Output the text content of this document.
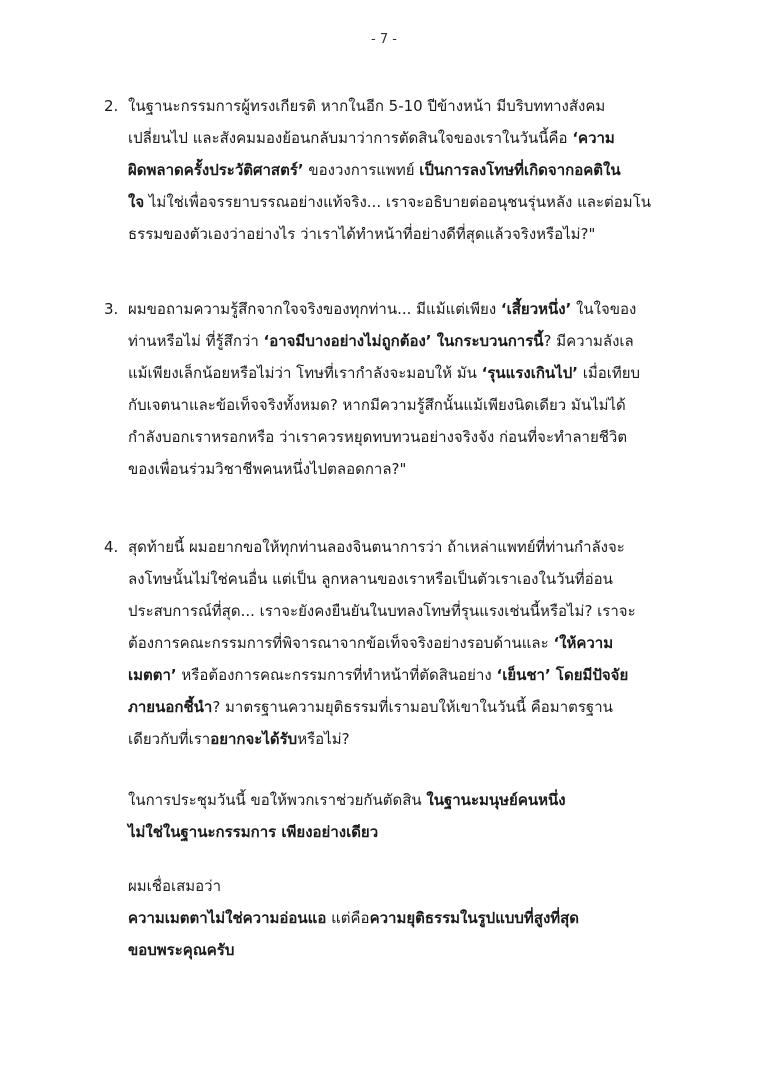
- 7 -
2. ในฐานะกรรมการผู้ทรงเกียรติ หากในอีก 5-10 ปีข้างหน้า มีบริบททางสังคม
เปลี่ยนไป และสังคมมองย้อนกลับมาว่าการตัดสินใจของเราในวันนี้คือ ‘ความ
ผิดพลาดครั้งประวัติศาสตร์’ ของวงการแพทย์ เป็นการลงโทษที่เกิดจากอคติใน
ใจ ไม่ใช่เพื่อจรรยาบรรณอย่างแท้จริง... เราจะอธิบายต่ออนุชนรุ่นหลัง และต่อมโน
ธรรมของตัวเองว่าอย่างไร ว่าเราได้ทำหน้าที่อย่างดีที่สุดแล้วจริงหรือไม่?"
3. ผมขอถามความรู้สึกจากใจจริงของทุกท่าน... มีแม้แต่เพียง ‘เสี้ยวหนึ่ง’ ในใจของ
ท่านหรือไม่ ที่รู้สึกว่า ‘อาจมีบางอย่างไม่ถูกต้อง’ ในกระบวนการนี้? มีความลังเล
แม้เพียงเล็กน้อยหรือไม่ว่า โทษที่เรากำลังจะมอบให้ มัน ‘รุนแรงเกินไป’ เมื่อเทียบ
กับเจตนาและข้อเท็จจริงทั้งหมด? หากมีความรู้สึกนั้นแม้เพียงนิดเดียว มันไม่ได้
กำลังบอกเราหรอกหรือ ว่าเราควรหยุดทบทวนอย่างจริงจัง ก่อนที่จะทำลายชีวิต
ของเพื่อนร่วมวิชาชีพคนหนึ่งไปตลอดกาล?"
4. สุดท้ายนี้ ผมอยากขอให้ทุกท่านลองจินตนาการว่า ถ้าเหล่าแพทย์ที่ท่านกำลังจะ
ลงโทษนั้นไม่ใช่คนอื่น แต่เป็น ลูกหลานของเราหรือเป็นตัวเราเองในวันที่อ่อน
ประสบการณ์ที่สุด... เราจะยังคงยืนยันในบทลงโทษที่รุนแรงเช่นนี้หรือไม่? เราจะ
ต้องการคณะกรรมการที่พิจารณาจากข้อเท็จจริงอย่างรอบด้านและ ‘ให้ความ
เมตตา’ หรือต้องการคณะกรรมการที่ทำหน้าที่ตัดสินอย่าง ‘เย็นชา’ โดยมีปัจจัย
ภายนอกชี้นำ? มาตรฐานความยุติธรรมที่เรามอบให้เขาในวันนี้ คือมาตรฐาน
เดียวกับที่เราอยากจะได้รับหรือไม่?
ในการประชุมวันนี้ ขอให้พวกเราช่วยกันตัดสิน ในฐานะมนุษย์คนหนึ่ง
ไม่ใช่ในฐานะกรรมการ เพียงอย่างเดียว
ผมเชื่อเสมอว่า
ความเมตตาไม่ใช่ความอ่อนแอ แต่คือความยุติธรรมในรูปแบบที่สูงที่สุด
ขอบพระคุณครับ
